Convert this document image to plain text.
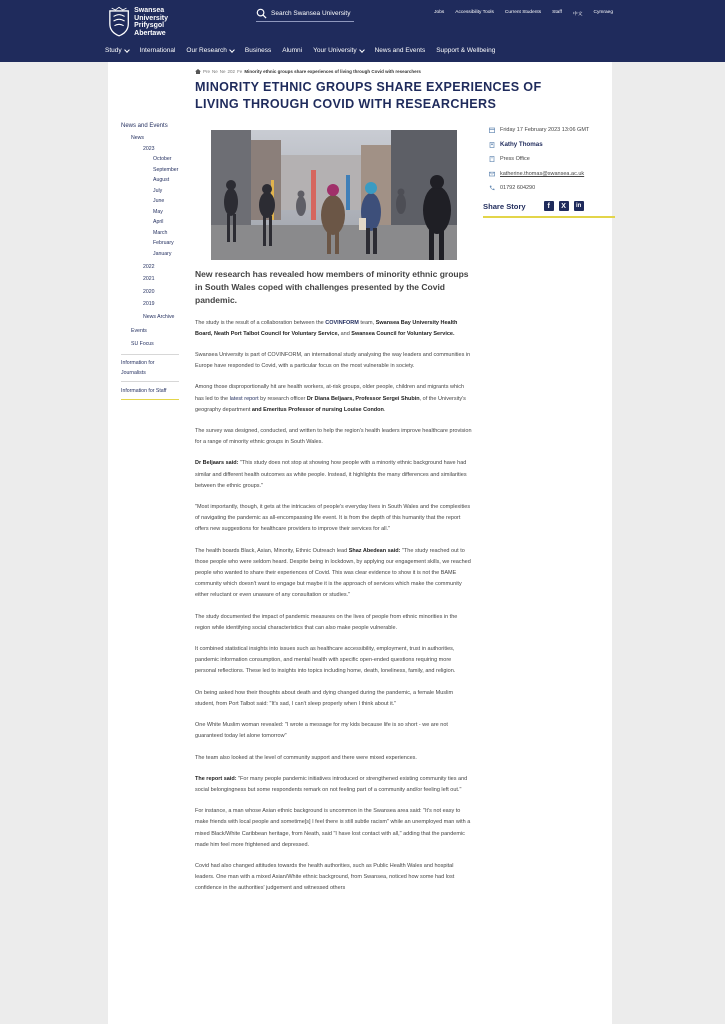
Swansea
University
Prifysgol
Abertawe
Search Swansea University
Jobs Accessibility Tools Current Students Staff 中文 Cymraeg
Study	International Our Research	Business Alumni Your University	News and Events Support & Wellbeing
Pre Ne Ne 202 Fe Minority ethnic groups share experiences of living through Covid with researchers
MINORITY ETHNIC GROUPS SHARE EXPERIENCES OF LIVING THROUGH COVID WITH RESEARCHERS
News and Events
News
2023
October
September
August
July
June
May
April
March
February
January
2022
2021
2020
2019
News Archive
Events
SU Focus
Information for Journalists
Information for Staff

New research has revealed how members of minority ethnic groups in South Wales coped with challenges presented by the Covid pandemic.

The study is the result of a collaboration between the COVINFORM team, Swansea Bay University Health Board, Neath Port Talbot Council for Voluntary Service, and Swansea Council for Voluntary Service.

Swansea University is part of COVINFORM, an international study analysing the way leaders and communities in Europe have responded to Covid, with a particular focus on the most vulnerable in society.

Among those disproportionally hit are health workers, at-risk groups, older people, children and migrants which has led to the latest report by research officer Dr Diana Beljaars, Professor Sergei Shubin, of the University's geography department and Emeritus Professor of nursing Louise Condon.

The survey was designed, conducted, and written to help the region's health leaders improve healthcare provision for a range of minority ethnic groups in South Wales.

Dr Beljaars said: "This study does not stop at showing how people with a minority ethnic background have had similar and different health outcomes as white people. Instead, it highlights the many differences and similarities between the ethnic groups."

"Most importantly, though, it gets at the intricacies of people's everyday lives in South Wales and the complexities of navigating the pandemic as all-encompassing life event. It is from the depth of this humanity that the report offers new suggestions for healthcare providers to improve their services for all."

The health boards Black, Asian, Minority, Ethnic Outreach lead Shaz Abedean said: "The study reached out to those people who were seldom heard. Despite being in lockdown, by applying our engagement skills, we reached people who wanted to share their experiences of Covid. This was clear evidence to show it is not the BAME community which doesn't want to engage but maybe it is the approach of services which make the community either reluctant or even unaware of any consultation or studies."

The study documented the impact of pandemic measures on the lives of people from ethnic minorities in the region while identifying social characteristics that can also make people vulnerable.

It combined statistical insights into issues such as healthcare accessibility, employment, trust in authorities, pandemic information consumption, and mental health with specific open-ended questions requiring more personal reflections. These led to insights into topics including home, death, loneliness, family, and religion.

On being asked how their thoughts about death and dying changed during the pandemic, a female Muslim student, from Port Talbot said: "It's sad, I can't sleep properly when I think about it."

One White Muslim woman revealed: "I wrote a message for my kids because life is so short - we are not guaranteed today let alone tomorrow"

The team also looked at the level of community support and there were mixed experiences.

The report said: "For many people pandemic initiatives introduced or strengthened existing community ties and social belongingness but some respondents remark on not feeling part of a community and/or feeling left out."

For instance, a man whose Asian ethnic background is uncommon in the Swansea area said: "It's not easy to make friends with local people and sometime[s] I feel there is still subtle racism" while an unemployed man with a mixed Black/White Caribbean heritage, from Neath, said "I have lost contact with all," adding that the pandemic made him feel more frightened and depressed.

Covid had also changed attitudes towards the health authorities, such as Public Health Wales and hospital leaders. One man with a mixed Asian/White ethnic background, from Swansea, noticed how some had lost confidence in the authorities' judgement and witnessed others

Friday 17 February 2023 13:06 GMT
Kathy Thomas
Press Office
katherine.thomas@swansea.ac.uk
01792 604290
Share Story	f	X	in
